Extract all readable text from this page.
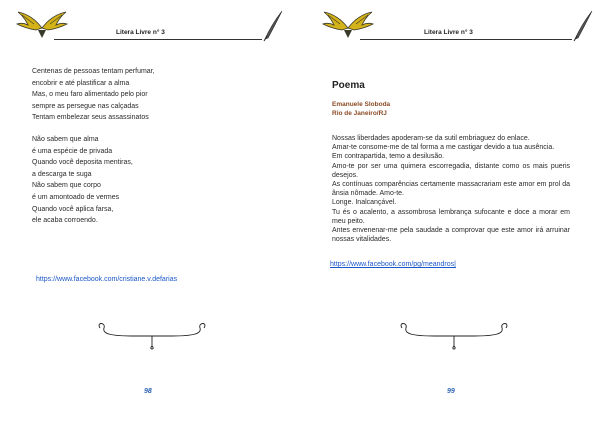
Litera Livre n° 3
Centenas de pessoas tentam perfumar,
encobrir e até plastificar a alma
Mas, o meu faro alimentado pelo pior
sempre as persegue nas calçadas
Tentam embelezar seus assassinatos
Não sabem que alma
é uma espécie de privada
Quando você deposita mentiras,
a descarga te suga
Não sabem que corpo
é um amontoado de vermes
Quando você aplica farsa,
ele acaba corroendo.
https://www.facebook.com/cristiane.v.defarias
98
Litera Livre n° 3
Poema
Emanuele Sloboda
Rio de Janeiro/RJ

Nossas liberdades apoderam-se da sutil embriaguez do enlace.

Amar-te consome-me de tal forma a me castigar devido a tua ausência.

Em contrapartida, temo a desilusão.

Amo-te por ser uma quimera escorregadia, distante como os mais pueris desejos.

As contínuas comparências certamente massacrariam este amor em prol da ânsia nômade. Amo-te.

Longe. Inalcançável.

Tu és o acalento, a assombrosa lembrança sufocante e doce a morar em meu peito.

Antes envenenar-me pela saudade a comprovar que este amor irá arruinar nossas vitalidades.

https://www.facebook.com/pg/meandros|
99
